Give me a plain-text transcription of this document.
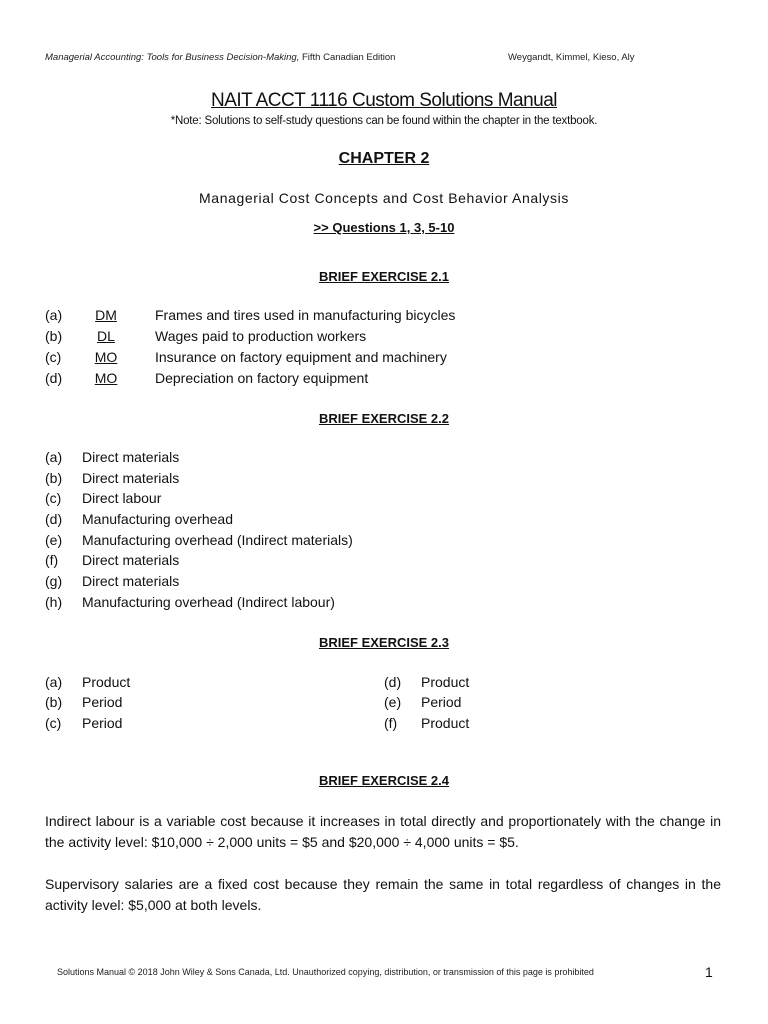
Managerial Accounting: Tools for Business Decision-Making, Fifth Canadian Edition	Weygandt, Kimmel, Kieso, Aly
NAIT ACCT 1116 Custom Solutions Manual
*Note: Solutions to self-study questions can be found within the chapter in the textbook.
CHAPTER 2
Managerial Cost Concepts and Cost Behavior Analysis
>> Questions 1, 3, 5-10
BRIEF EXERCISE 2.1
(a)	DM	Frames and tires used in manufacturing bicycles
(b)	DL	Wages paid to production workers
(c)	MO	Insurance on factory equipment and machinery
(d)	MO	Depreciation on factory equipment
BRIEF EXERCISE 2.2
(a) Direct materials
(b) Direct materials
(c) Direct labour
(d) Manufacturing overhead
(e) Manufacturing overhead (Indirect materials)
(f) Direct materials
(g) Direct materials
(h) Manufacturing overhead (Indirect labour)
BRIEF EXERCISE 2.3
(a) Product
(b) Period
(c) Period
(d) Product
(e) Period
(f) Product
BRIEF EXERCISE 2.4
Indirect labour is a variable cost because it increases in total directly and proportionately with the change in the activity level: $10,000 ÷ 2,000 units = $5 and $20,000 ÷ 4,000 units = $5.
Supervisory salaries are a fixed cost because they remain the same in total regardless of changes in the activity level: $5,000 at both levels.
Solutions Manual © 2018 John Wiley & Sons Canada, Ltd. Unauthorized copying, distribution, or transmission of this page is prohibited	1
